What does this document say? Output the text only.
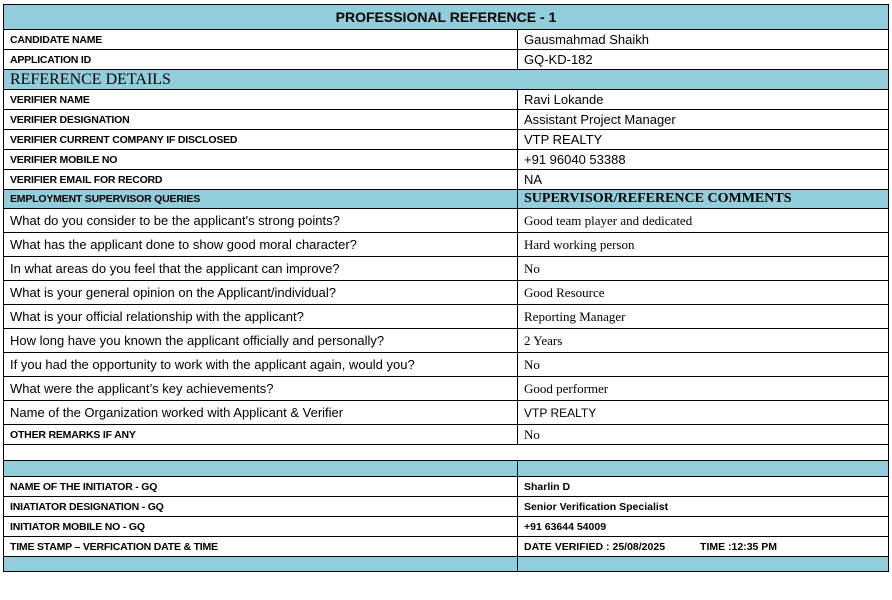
PROFESSIONAL REFERENCE - 1	
CANDIDATE NAME	Gausmahmad Shaikh
APPLICATION ID	GQ-KD-182
REFERENCE DETAILS	
VERIFIER NAME	Ravi Lokande
VERIFIER DESIGNATION	Assistant Project Manager
VERIFIER CURRENT COMPANY IF DISCLOSED	VTP REALTY
VERIFIER MOBILE NO	+91 96040 53388
VERIFIER EMAIL FOR RECORD	NA
EMPLOYMENT SUPERVISOR QUERIES	SUPERVISOR/REFERENCE COMMENTS
What do you consider to be the applicant's strong points?	Good team player and dedicated
What has the applicant done to show good moral character?	Hard working person
In what areas do you feel that the applicant can improve?	No
What is your general opinion on the Applicant/individual?	Good Resource
What is your official relationship with the applicant?	Reporting Manager
How long have you known the applicant officially and personally?	2 Years
If you had the opportunity to work with the applicant again, would you?	No
What were the applicant’s key achievements?	Good performer
Name of the Organization worked with Applicant & Verifier	VTP REALTY
OTHER REMARKS IF ANY	No

NAME OF THE INITIATOR - GQ	Sharlin D
INIATIATOR DESIGNATION - GQ	Senior Verification Specialist
INITIATOR MOBILE NO - GQ	+91 63644 54009
TIME STAMP – VERFICATION DATE & TIME	DATE VERIFIED : 25/08/2025 TIME :12:35 PM
